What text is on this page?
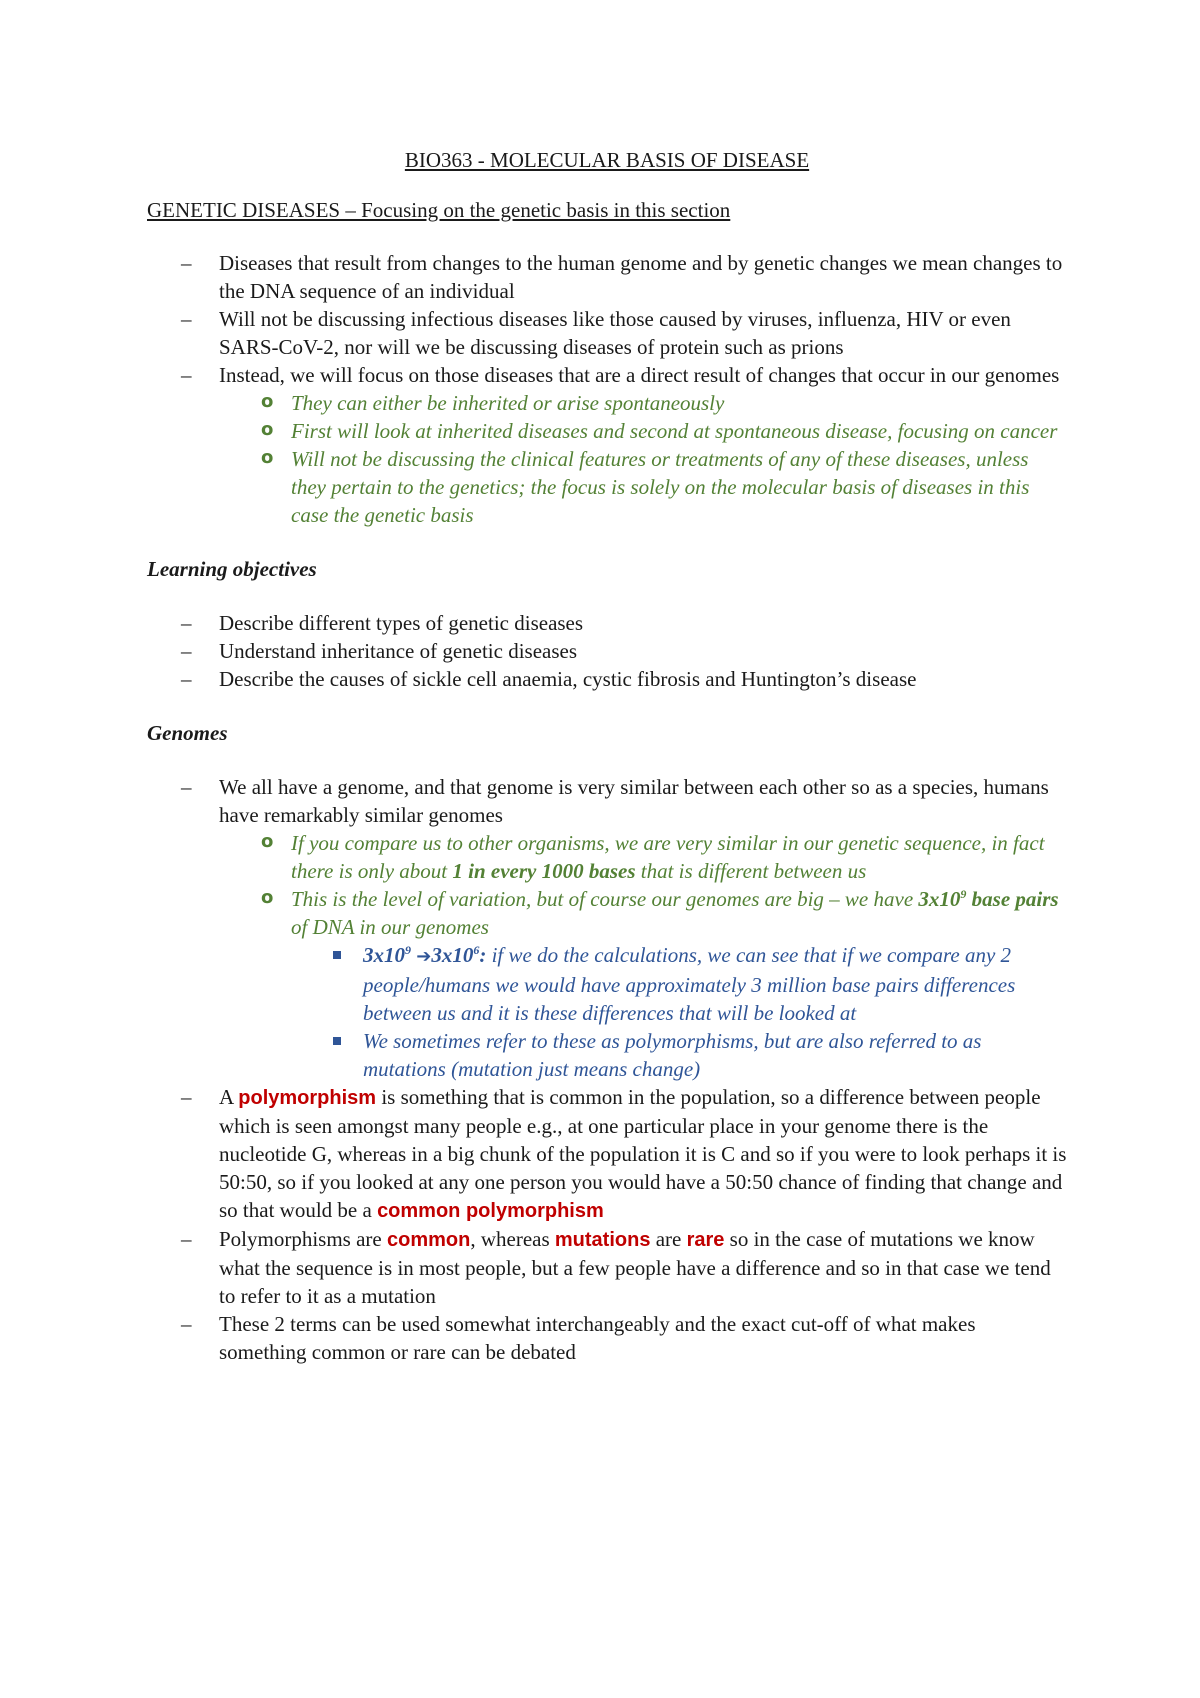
BIO363 - MOLECULAR BASIS OF DISEASE
GENETIC DISEASES – Focusing on the genetic basis in this section
– Diseases that result from changes to the human genome and by genetic changes we mean changes to the DNA sequence of an individual
– Will not be discussing infectious diseases like those caused by viruses, influenza, HIV or even SARS-CoV-2, nor will we be discussing diseases of protein such as prions
– Instead, we will focus on those diseases that are a direct result of changes that occur in our genomes
o They can either be inherited or arise spontaneously
o First will look at inherited diseases and second at spontaneous disease, focusing on cancer
o Will not be discussing the clinical features or treatments of any of these diseases, unless they pertain to the genetics; the focus is solely on the molecular basis of diseases in this case the genetic basis
Learning objectives
– Describe different types of genetic diseases
– Understand inheritance of genetic diseases
– Describe the causes of sickle cell anaemia, cystic fibrosis and Huntington’s disease
Genomes
– We all have a genome, and that genome is very similar between each other so as a species, humans have remarkably similar genomes
o If you compare us to other organisms, we are very similar in our genetic sequence, in fact there is only about 1 in every 1000 bases that is different between us
o This is the level of variation, but of course our genomes are big – we have $3x10^9$ base pairs of DNA in our genomes
$3x10^9$ $➔3x10^6$: if we do the calculations, we can see that if we compare any 2 people/humans we would have approximately 3 million base pairs differences between us and it is these differences that will be looked at
We sometimes refer to these as polymorphisms, but are also referred to as mutations (mutation just means change)
– A polymorphism is something that is common in the population, so a difference between people which is seen amongst many people e.g., at one particular place in your genome there is the nucleotide G, whereas in a big chunk of the population it is C and so if you were to look perhaps it is 50:50, so if you looked at any one person you would have a 50:50 chance of finding that change and so that would be a common polymorphism
– Polymorphisms are common, whereas mutations are rare so in the case of mutations we know what the sequence is in most people, but a few people have a difference and so in that case we tend to refer to it as a mutation
– These 2 terms can be used somewhat interchangeably and the exact cut-off of what makes something common or rare can be debated
